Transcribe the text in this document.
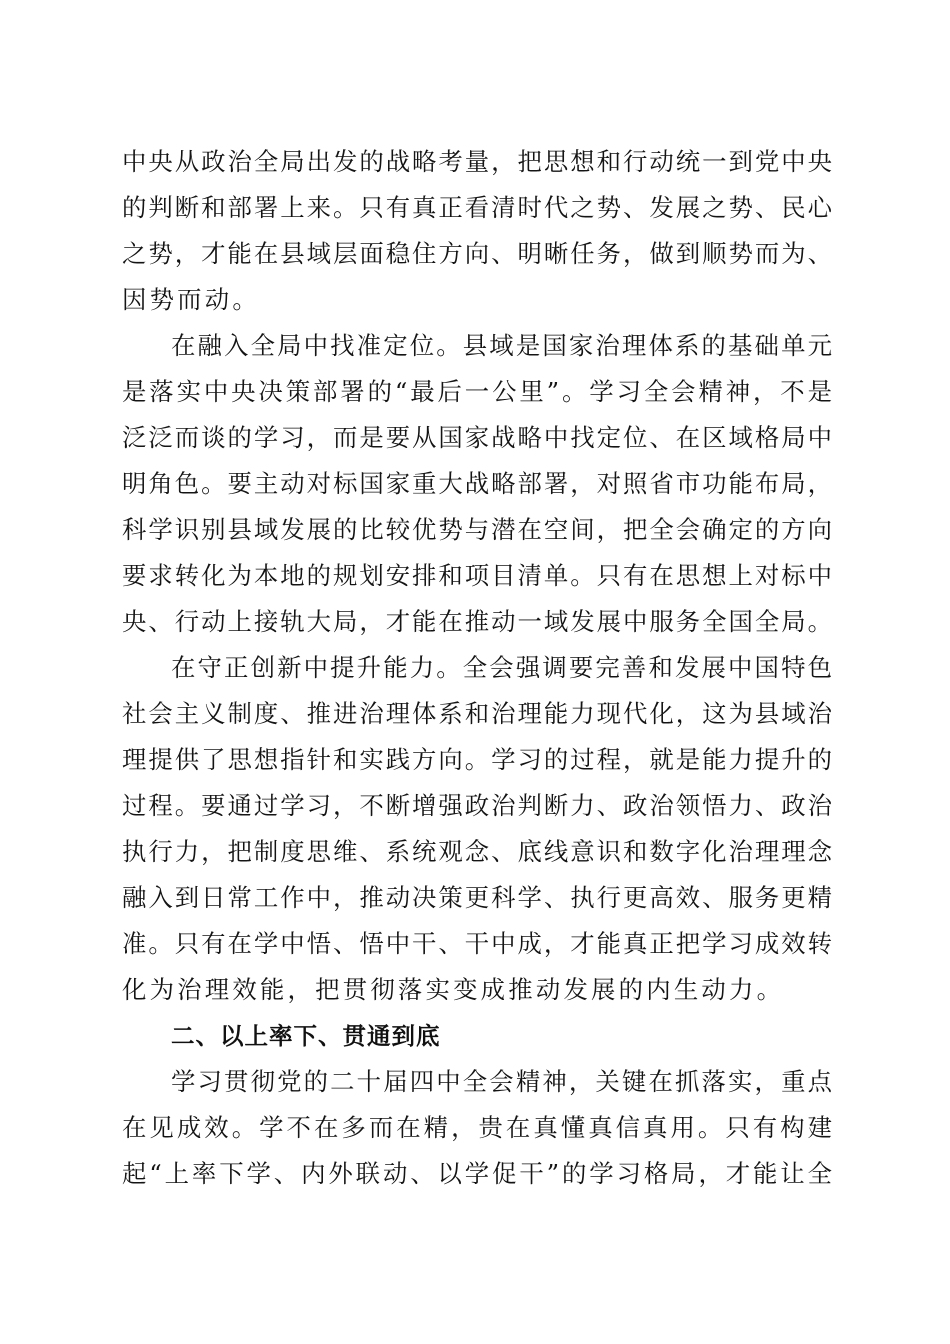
中央从政治全局出发的战略考量，把思想和行动统一到党中央
的判断和部署上来。只有真正看清时代之势、发展之势、民心
之势，才能在县域层面稳住方向、明晰任务，做到顺势而为、
因势而动。
在融入全局中找准定位。县域是国家治理体系的基础单元
是落实中央决策部署的“最后一公里”。学习全会精神，不是
泛泛而谈的学习，而是要从国家战略中找定位、在区域格局中
明角色。要主动对标国家重大战略部署，对照省市功能布局，
科学识别县域发展的比较优势与潜在空间，把全会确定的方向
要求转化为本地的规划安排和项目清单。只有在思想上对标中
央、行动上接轨大局，才能在推动一域发展中服务全国全局。
在守正创新中提升能力。全会强调要完善和发展中国特色
社会主义制度、推进治理体系和治理能力现代化，这为县域治
理提供了思想指针和实践方向。学习的过程，就是能力提升的
过程。要通过学习，不断增强政治判断力、政治领悟力、政治
执行力，把制度思维、系统观念、底线意识和数字化治理理念
融入到日常工作中，推动决策更科学、执行更高效、服务更精
准。只有在学中悟、悟中干、干中成，才能真正把学习成效转
化为治理效能，把贯彻落实变成推动发展的内生动力。
二、以上率下、贯通到底
学习贯彻党的二十届四中全会精神，关键在抓落实，重点
在见成效。学不在多而在精，贵在真懂真信真用。只有构建
起“上率下学、内外联动、以学促干”的学习格局，才能让全
